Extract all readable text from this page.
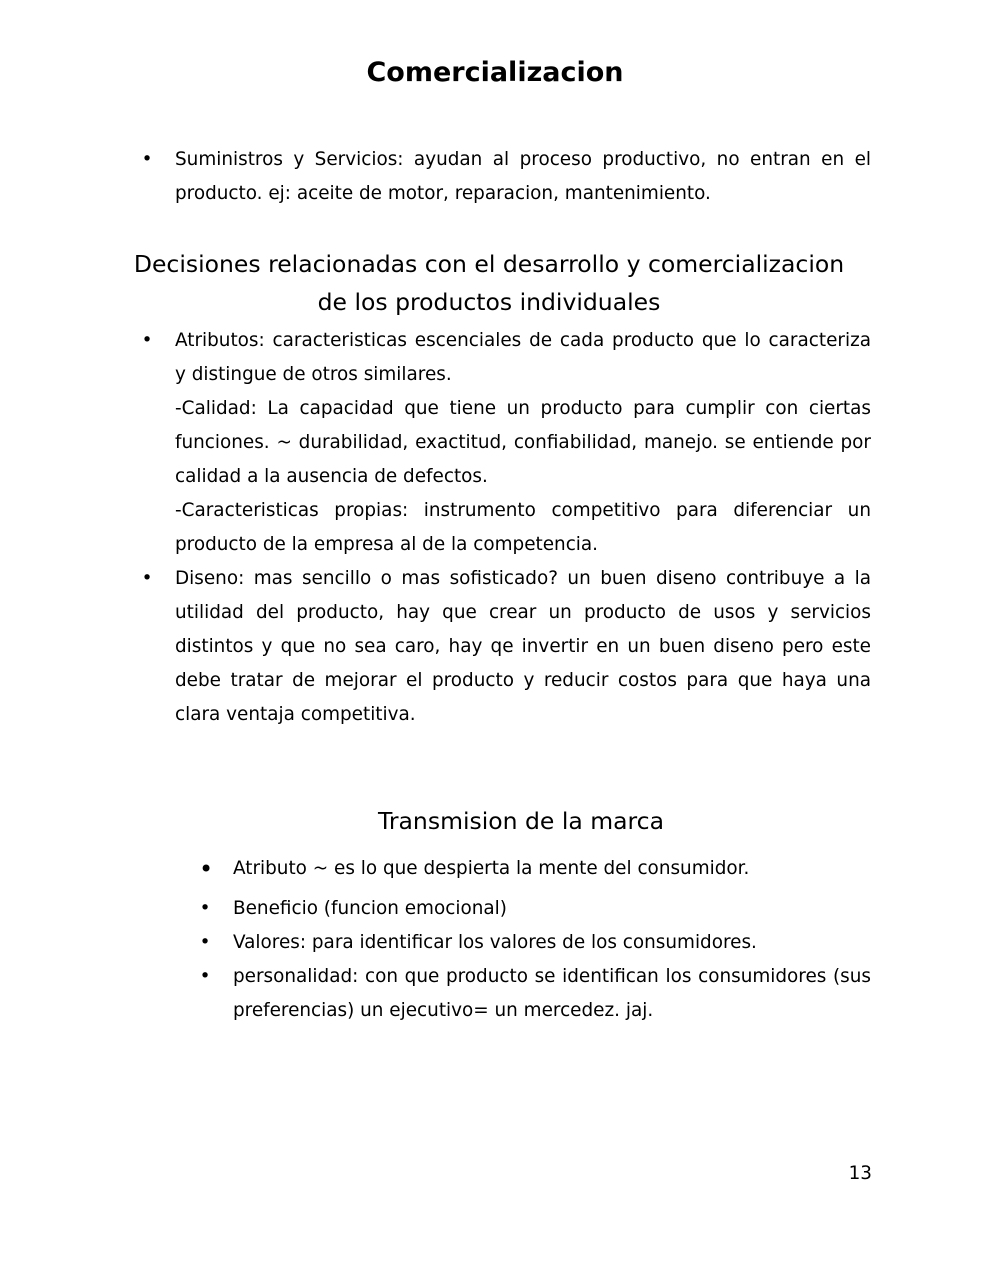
Comercializacion
• Suministros y Servicios: ayudan al proceso productivo, no entran en el producto. ej: aceite de motor, reparacion, mantenimiento.

Decisiones relacionadas con el desarrollo y comercializacion de los productos individuales
• Atributos: caracteristicas escenciales de cada producto que lo caracteriza y distingue de otros similares.

-Calidad: La capacidad que tiene un producto para cumplir con ciertas funciones. ~ durabilidad, exactitud, confiabilidad, manejo. se entiende por calidad a la ausencia de defectos.

-Caracteristicas propias: instrumento competitivo para diferenciar un producto de la empresa al de la competencia.

• Diseno: mas sencillo o mas sofisticado? un buen diseno contribuye a la utilidad del producto, hay que crear un producto de usos y servicios distintos y que no sea caro, hay qe invertir en un buen diseno pero este debe tratar de mejorar el producto y reducir costos para que haya una clara ventaja competitiva.

Transmision de la marca
• Atributo ~ es lo que despierta la mente del consumidor.

• Beneficio (funcion emocional)

• Valores: para identificar los valores de los consumidores.

• personalidad: con que producto se identifican los consumidores (sus preferencias) un ejecutivo= un mercedez. jaj.

13
